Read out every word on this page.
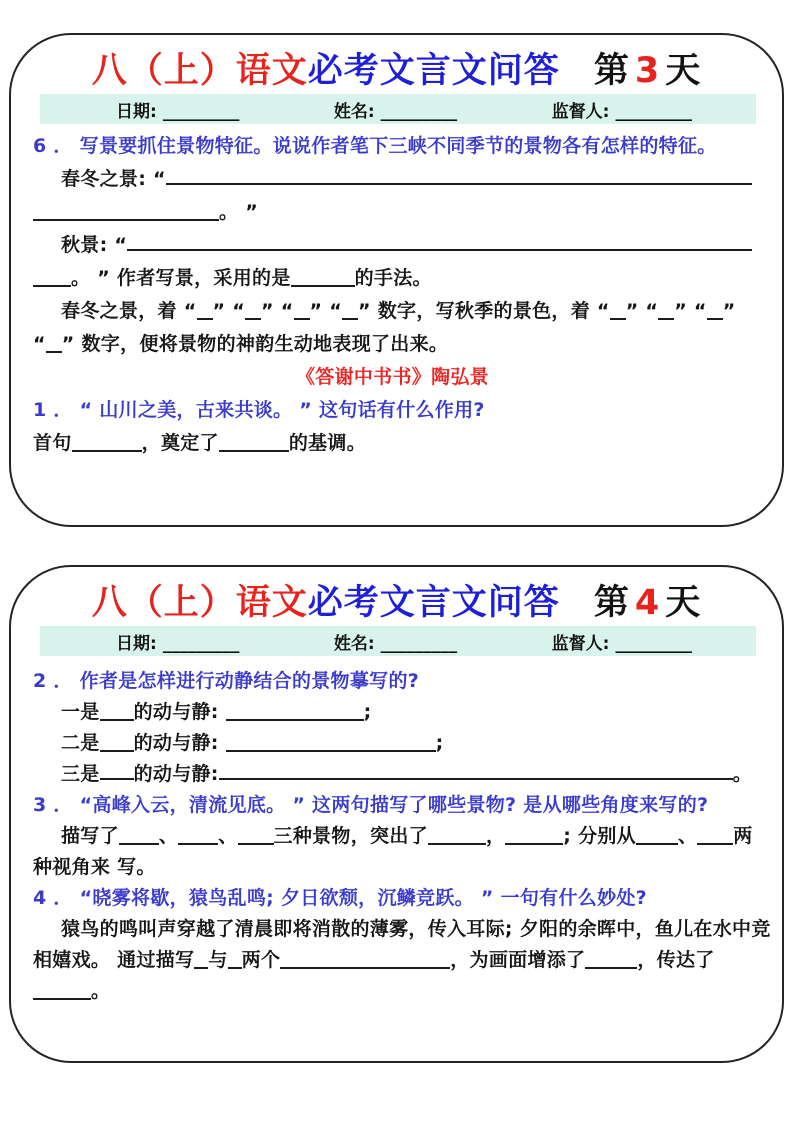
八（上）语文必考文言文问答 第 3 天
日期: _________	姓名: _________	监督人: _________
6 ． 写景要抓住景物特征。说说作者笔下三峡不同季节的景物各有怎样的特征。
春冬之景: “
。 ”
秋景: “
。 ” 作者写景，采用的是	的手法。
春冬之景，着 “ ” “ ” “ ” “ ” 数字，写秋季的景色，着 “ ” “ ” “ ”
“ ” 数字，便将景物的神韵生动地表现了出来。
《答谢中书书》陶弘景
1 ． “ 山川之美，古来共谈。 ” 这句话有什么作用?
首句	，奠定了	的基调。
八（上）语文必考文言文问答 第 4 天
日期: _________	姓名: _________	监督人: _________
2 ． 作者是怎样进行动静结合的景物摹写的?
一是 的动与静:	;
二是 的动与静:	;
三是 的动与静:	。
3 ． “高峰入云，清流见底。 ” 这两句描写了哪些景物? 是从哪些角度来写的?
描写了 、 、 三种景物，突出了	，	; 分别从 、 两
种视角来 写。
4 ． “晓雾将歇，猿鸟乱鸣; 夕日欲颓，沉鳞竞跃。 ” 一句有什么妙处?
猿鸟的鸣叫声穿越了清晨即将消散的薄雾，传入耳际; 夕阳的余晖中，鱼儿在水中竞
相嬉戏。 通过描写 与 两个	，为画面增添了	，传达了
。
